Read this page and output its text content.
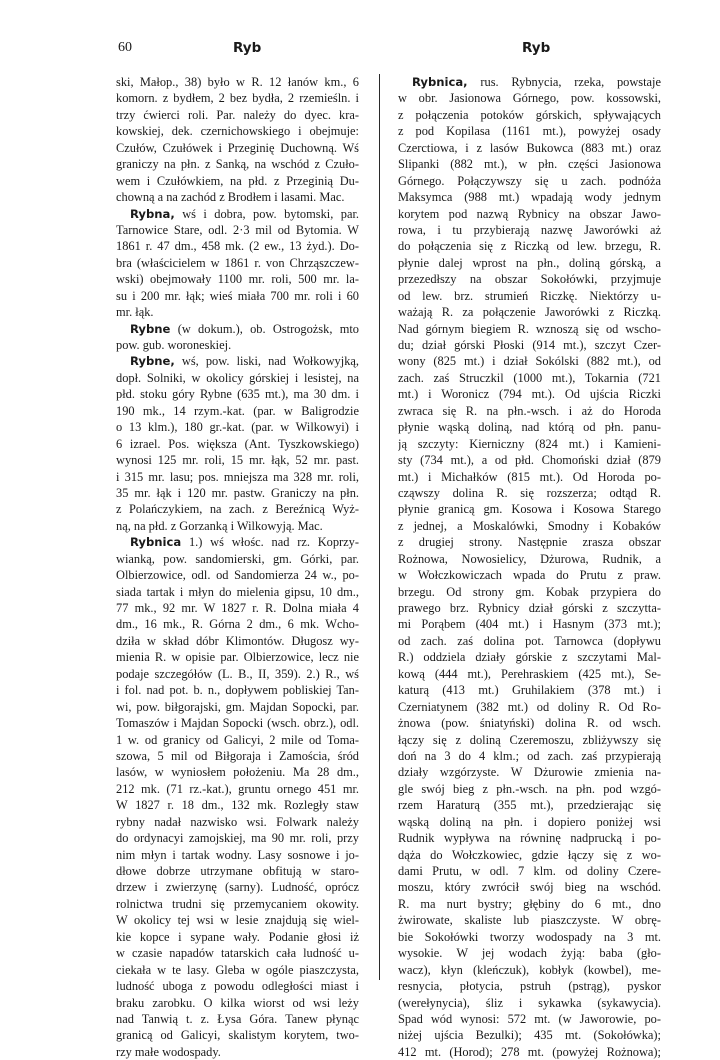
60	Ryb	Ryb
ski, Małop., 38) było w R. 12 łanów km., 6
komorn. z bydłem, 2 bez bydła, 2 rzemieśln. i
trzy ćwierci roli. Par. należy do dyec. kra-
kowskiej, dek. czernichowskiego i obejmuje:
Czułów, Czułówek i Przeginię Duchowną. Wś
graniczy na płn. z Sanką, na wschód z Czuło-
wem i Czułówkiem, na płd. z Przeginią Du-
chowną a na zachód z Brodłem i lasami. Mac.
Rybna, wś i dobra, pow. bytomski, par.
Tarnowice Stare, odl. 2·3 mil od Bytomia. W
1861 r. 47 dm., 458 mk. (2 ew., 13 żyd.). Do-
bra (właścicielem w 1861 r. von Chrząszczew-
wski) obejmowały 1100 mr. roli, 500 mr. la-
su i 200 mr. łąk; wieś miała 700 mr. roli i 60
mr. łąk.
Rybne (w dokum.), ob. Ostrogożsk, mto
pow. gub. woroneskiej.
Rybne, wś, pow. liski, nad Wołkowyjką,
dopł. Solniki, w okolicy górskiej i lesistej, na
płd. stoku góry Rybne (635 mt.), ma 30 dm. i
190 mk., 14 rzym.-kat. (par. w Baligrodzie
o 13 klm.), 180 gr.-kat. (par. w Wilkowyi) i
6 izrael. Pos. większa (Ant. Tyszkowskiego)
wynosi 125 mr. roli, 15 mr. łąk, 52 mr. past.
i 315 mr. lasu; pos. mniejsza ma 328 mr. roli,
35 mr. łąk i 120 mr. pastw. Graniczy na płn.
z Polańczykiem, na zach. z Bereźnicą Wyż-
ną, na płd. z Gorzanką i Wilkowyją. Mac.
Rybnica 1.) wś włośc. nad rz. Koprzy-
wianką, pow. sandomierski, gm. Górki, par.
Olbierzowice, odl. od Sandomierza 24 w., po-
siada tartak i młyn do mielenia gipsu, 10 dm.,
77 mk., 92 mr. W 1827 r. R. Dolna miała 4
dm., 16 mk., R. Górna 2 dm., 6 mk. Wcho-
dziła w skład dóbr Klimontów. Długosz wy-
mienia R. w opisie par. Olbierzowice, lecz nie
podaje szczegółów (L. B., II, 359). 2.) R., wś
i fol. nad pot. b. n., dopływem pobliskiej Tan-
wi, pow. biłgorajski, gm. Majdan Sopocki, par.
Tomaszów i Majdan Sopocki (wsch. obrz.), odl.
1 w. od granicy od Galicyi, 2 mile od Toma-
szowa, 5 mil od Biłgoraja i Zamościa, śród
lasów, w wyniosłem położeniu. Ma 28 dm.,
212 mk. (71 rz.-kat.), gruntu ornego 451 mr.
W 1827 r. 18 dm., 132 mk. Rozległy staw
rybny nadał nazwisko wsi. Folwark należy
do ordynacyi zamojskiej, ma 90 mr. roli, przy
nim młyn i tartak wodny. Lasy sosnowe i jo-
dłowe dobrze utrzymane obfitują w staro-
drzew i zwierzynę (sarny). Ludność, oprócz
rolnictwa trudni się przemycaniem okowity.
W okolicy tej wsi w lesie znajdują się wiel-
kie kopce i sypane wały. Podanie głosi iż
w czasie napadów tatarskich cała ludność u-
ciekała w te lasy. Gleba w ogóle piaszczysta,
ludność uboga z powodu odległości miast i
braku zarobku. O kilka wiorst od wsi leży
nad Tanwią t. z. Łysa Góra. Tanew płynąc
granicą od Galicyi, skalistym korytem, two-
rzy małe wodospady.
Rybnica, rus. Rybnycia, rzeka, powstaje
w obr. Jasionowa Górnego, pow. kossowski,
z połączenia potoków górskich, spływających
z pod Kopilasa (1161 mt.), powyżej osady
Czerctiowa, i z lasów Bukowca (883 mt.) oraz
Slipanki (882 mt.), w płn. części Jasionowa
Górnego. Połączywszy się u zach. podnóża
Maksymca (988 mt.) wpadają wody jednym
korytem pod nazwą Rybnicy na obszar Jawo-
rowa, i tu przybierają nazwę Jaworówki aż
do połączenia się z Riczką od lew. brzegu, R.
płynie dalej wprost na płn., doliną górską, a
przezedłszy na obszar Sokołówki, przyjmuje
od lew. brz. strumień Riczkę. Niektórzy u-
ważają R. za połączenie Jaworówki z Riczką.
Nad górnym biegiem R. wznoszą się od wscho-
du; dział górski Płoski (914 mt.), szczyt Czer-
wony (825 mt.) i dział Sokólski (882 mt.), od
zach. zaś Struczkil (1000 mt.), Tokarnia (721
mt.) i Woronicz (794 mt.). Od ujścia Riczki
zwraca się R. na płn.-wsch. i aż do Horoda
płynie wąską doliną, nad którą od płn. panu-
ją szczyty: Kierniczny (824 mt.) i Kamieni-
sty (734 mt.), a od płd. Chomoński dział (879
mt.) i Michałków (815 mt.). Od Horoda po-
cząwszy dolina R. się rozszerza; odtąd R.
płynie granicą gm. Kosowa i Kosowa Starego
z jednej, a Moskalówki, Smodny i Kobaków
z drugiej strony. Następnie zrasza obszar
Rożnowa, Nowosielicy, Dżurowa, Rudnik, a
w Wołczkowiczach wpada do Prutu z praw.
brzegu. Od strony gm. Kobak przypiera do
prawego brz. Rybnicy dział górski z szczytta-
mi Porąbem (404 mt.) i Hasnym (373 mt.);
od zach. zaś dolina pot. Tarnowca (dopływu
R.) oddziela działy górskie z szczytami Mal-
kową (444 mt.), Perehraskiem (425 mt.), Se-
katurą (413 mt.) Gruhilakiem (378 mt.) i
Czerniatynem (382 mt.) od doliny R. Od Ro-
żnowa (pow. śniatyński) dolina R. od wsch.
łączy się z doliną Czeremoszu, zbliżywszy się
doń na 3 do 4 klm.; od zach. zaś przypierają
działy wzgórzyste. W Dżurowie zmienia na-
gle swój bieg z płn.-wsch. na płn. pod wzgó-
rzem Haraturą (355 mt.), przedzierając się
wąską doliną na płn. i dopiero poniżej wsi
Rudnik wypływa na równinę nadprucką i po-
dąża do Wołczkowiec, gdzie łączy się z wo-
dami Prutu, w odl. 7 klm. od doliny Czere-
moszu, który zwrócił swój bieg na wschód.
R. ma nurt bystry; głębiny do 6 mt., dno
żwirowate, skaliste lub piaszczyste. W obrę-
bie Sokołówki tworzy wodospady na 3 mt.
wysokie. W jej wodach żyją: baba (gło-
wacz), kłyn (kleńczuk), kobłyk (kowbel), me-
resnycia, płotycia, pstruh (pstrąg), pyskor
(werełynycia), śliz i sykawka (sykawycia).
Spad wód wynosi: 572 mt. (w Jaworowie, po-
niżej ujścia Bezulki); 435 mt. (Sokołówka);
412 mt. (Horod); 278 mt. (powyżej Rożnowa);
